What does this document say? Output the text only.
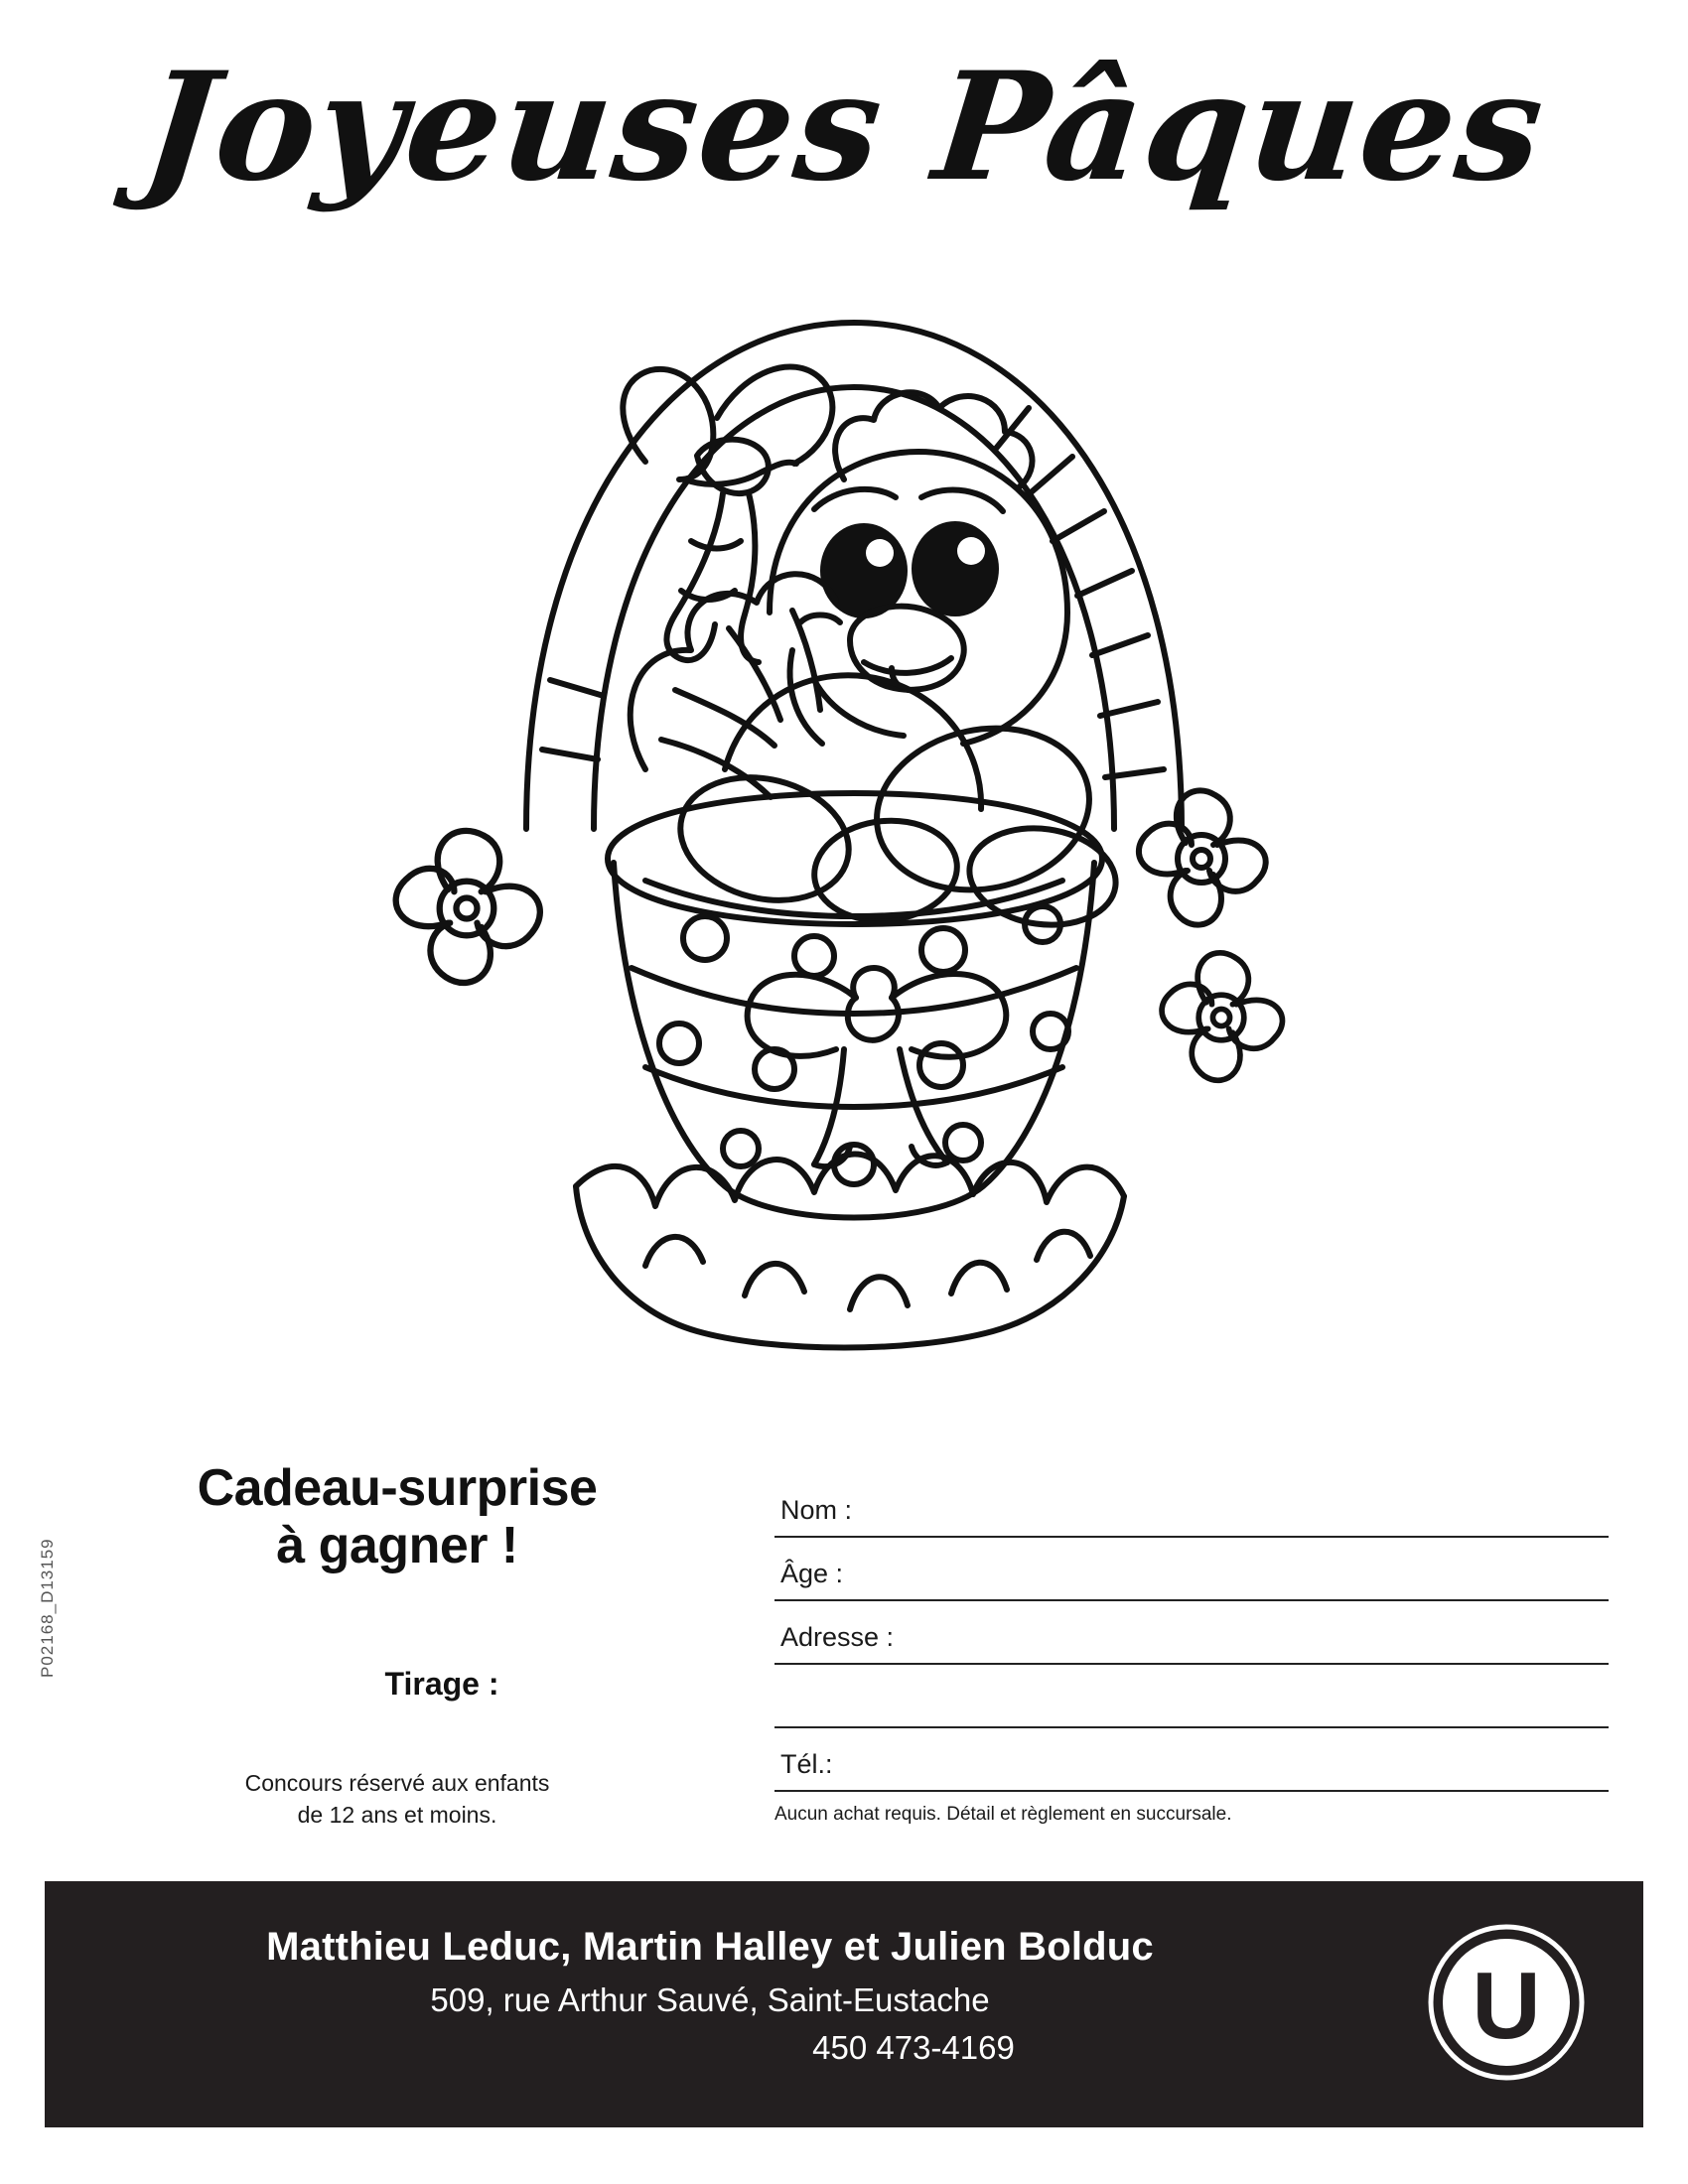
Joyeuses Pâques
Cadeau-surprise
à gagner !
Tirage :
Concours réservé aux enfants
de 12 ans et moins.
P02168_D13159
Nom :
Âge :
Adresse :
Tél.:
Aucun achat requis. Détail et règlement en succursale.
Matthieu Leduc, Martin Halley et Julien Bolduc
509, rue Arthur Sauvé, Saint-Eustache
450 473-4169	U
